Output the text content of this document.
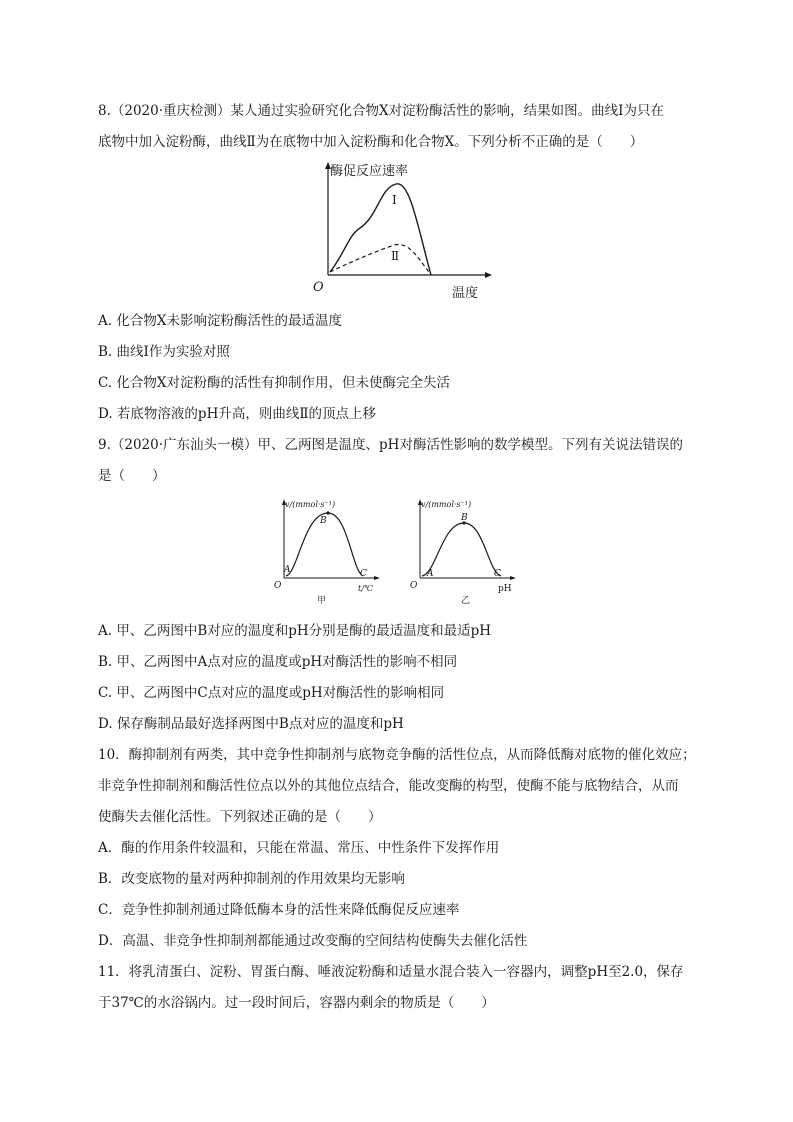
8.（2020·重庆检测）某人通过实验研究化合物X对淀粉酶活性的影响，结果如图。曲线Ⅰ为只在
底物中加入淀粉酶，曲线Ⅱ为在底物中加入淀粉酶和化合物X。下列分析不正确的是（　　）
酶促反应速率
温度
O
Ⅰ
Ⅱ
A. 化合物X未影响淀粉酶活性的最适温度
B. 曲线Ⅰ作为实验对照
C. 化合物X对淀粉酶的活性有抑制作用，但未使酶完全失活
D. 若底物溶液的pH升高，则曲线Ⅱ的顶点上移
9.（2020·广东汕头一模）甲、乙两图是温度、pH对酶活性影响的数学模型。下列有关说法错误的
是（　　）
v/(mmol·s⁻¹)
t/℃
O
A
B
C
甲
v/(mmol·s⁻¹)
pH
O
A
B
C
乙
A. 甲、乙两图中B对应的温度和pH分别是酶的最适温度和最适pH
B. 甲、乙两图中A点对应的温度或pH对酶活性的影响不相同
C. 甲、乙两图中C点对应的温度或pH对酶活性的影响相同
D. 保存酶制品最好选择两图中B点对应的温度和pH
10．酶抑制剂有两类，其中竞争性抑制剂与底物竞争酶的活性位点，从而降低酶对底物的催化效应；
非竞争性抑制剂和酶活性位点以外的其他位点结合，能改变酶的构型，使酶不能与底物结合，从而
使酶失去催化活性。下列叙述正确的是（　　）
A．酶的作用条件较温和，只能在常温、常压、中性条件下发挥作用
B．改变底物的量对两种抑制剂的作用效果均无影响
C．竞争性抑制剂通过降低酶本身的活性来降低酶促反应速率
D．高温、非竞争性抑制剂都能通过改变酶的空间结构使酶失去催化活性
11．将乳清蛋白、淀粉、胃蛋白酶、唾液淀粉酶和适量水混合装入一容器内，调整pH至2.0，保存
于37℃的水浴锅内。过一段时间后，容器内剩余的物质是（　　）
